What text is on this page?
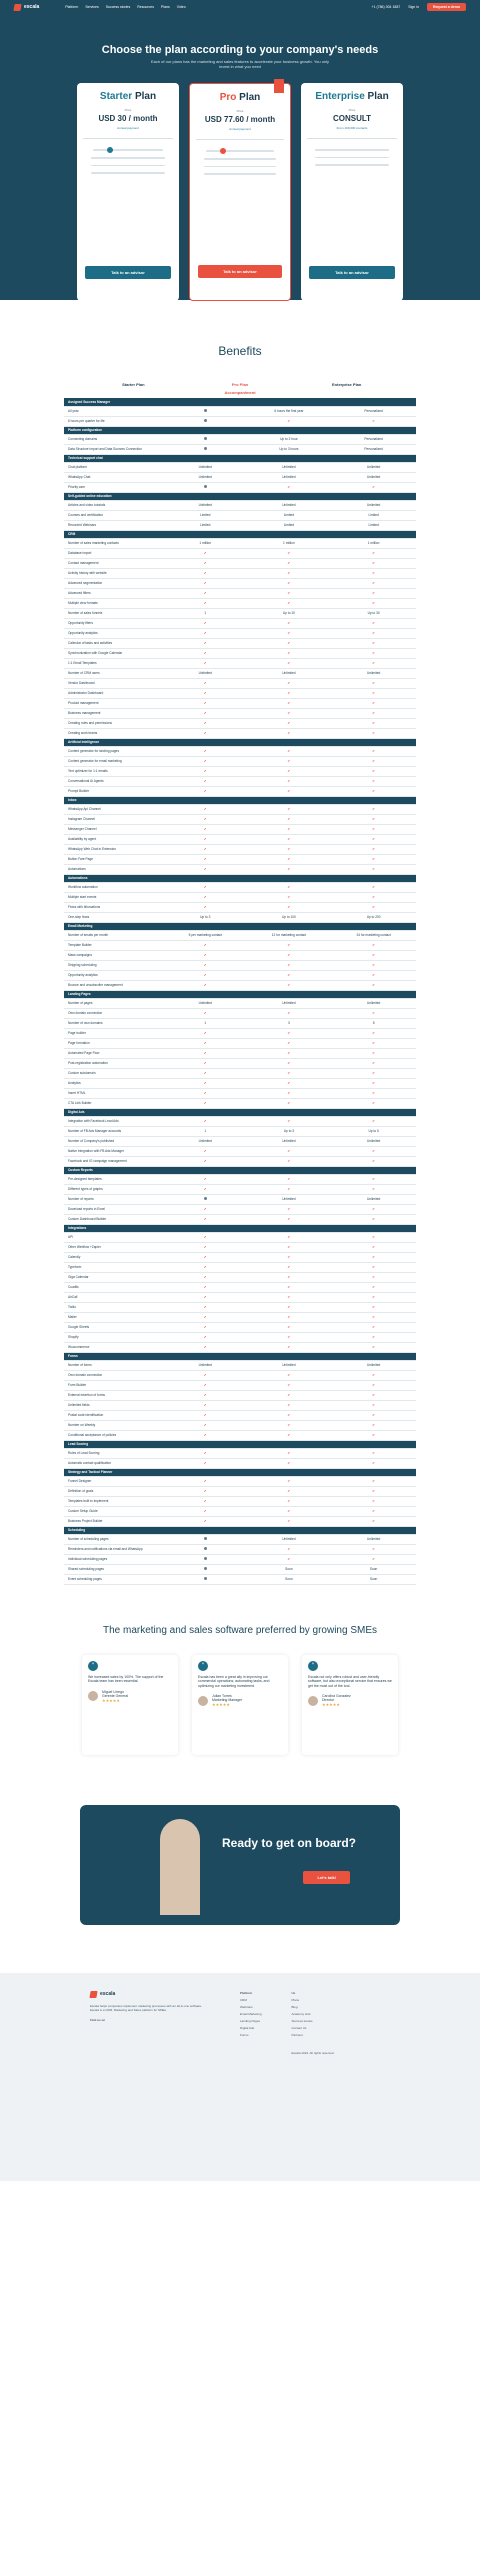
escala	Platform Services Success stories Resources Plans Video	+1 (786) 304 1887 Sign in	Request a demo
Choose the plan according to your company's needs
Each of our plans has the marketing and sales features to accelerate your business growth. You only invest in what you need
Starter Plan
Price
USD 30 / month
Annual payment
Talk to an advisor
Pro Plan
Price
USD 77.60 / month
Annual payment
Talk to an advisor
Enterprise Plan
Price
CONSULT
From 100,000 contacts
Talk to an advisor
Benefits
Starter Plan	Pro Plan	Enterprise Plan
Accompaniment
Assigned Success Manager			
All year		6 hours the first year	Personalized
6 hours per quarter for life		✔	✔
Platform configuration			
Connecting domains		Up to 2 hour	Personalized
Data Structure Import and Data Sources Connection		Up to 3 hours	Personalized
Technical support chat			
Chat platform	Unlimited	Unlimited	Unlimited
WhatsApp Chat	Unlimited	Unlimited	Unlimited
Priority care		✔	✔
Self-guided online education			
Articles and video tutorials	Unlimited	Unlimited	Unlimited
Courses and certification	Limited	Limited	Limited
Recorded Webinars	Limited	Limited	Limited
CRM			
Number of sales marketing contacts	1 million	1 million	1 million
Database import	✔	✔	✔
Contact management	✔	✔	✔
Activity history with website	✔	✔	✔
Advanced segmentation	✔	✔	✔
Advanced filters	✔	✔	✔
Multiple view formats	✔	✔	✔
Number of sales funnels	1	Up to 10	Up to 30
Opportunity filters	✔	✔	✔
Opportunity analytics	✔	✔	✔
Calendar of tasks and activities	✔	✔	✔
Synchronization with Google Calendar	✔	✔	✔
1:1 Email Templates	✔	✔	✔
Number of CRM users	Unlimited	Unlimited	Unlimited
Vendor Dashboard	✔	✔	✔
Administrator Dashboard	✔	✔	✔
Product management	✔	✔	✔
Business management	✔	✔	✔
Creating roles and permissions	✔	✔	✔
Creating work teams	✔	✔	✔
Artificial Intelligence			
Content generator for landing pages	✔	✔	✔
Content generator for email marketing	✔	✔	✔
Text optimizer for 1:1 emails	✔	✔	✔
Conversational AI Agents	✔	✔	✔
Prompt Builder	✔	✔	✔
Inbox			
WhatsApp Api Channel	✔	✔	✔
Instagram Channel	✔	✔	✔
Messenger Channel	✔	✔	✔
Availability by agent	✔	✔	✔
WhatsApp Web Chat in Extension	✔	✔	✔
Button Fare Page	✔	✔	✔
Automations	✔	✔	✔
Automations			
Workflow automation	✔	✔	✔
Multiple start events	✔	✔	✔
Flows with bifurcations	✔	✔	✔
One-step flows	Up to 3	Up to 100	Up to 200
Email Marketing			
Number of emails per month	5 per marketing contact	12 for marketing contact	24 for marketing contact
Template Builder	✔	✔	✔
Mass campaigns	✔	✔	✔
Shipping scheduling	✔	✔	✔
Opportunity analytics	✔	✔	✔
Bounce and unsubscribe management	✔	✔	✔
Landing Pages			
Number of pages	Unlimited	Unlimited	Unlimited
Own domain connection	✔	✔	✔
Number of own domains	1	3	5
Page builder	✔	✔	✔
Page formation	✔	✔	✔
Automated Page Flow	✔	✔	✔
Post-registration automation	✔	✔	✔
Custom subdomain	✔	✔	✔
Analytics	✔	✔	✔
Insert HTML	✔	✔	✔
CTA Link Builder	✔	✔	✔
Digital Ads			
Integration with Facebook Lead Ads	✔	✔	✔
Number of FB Ads Manager accounts	1	Up to 3	Up to 5
Number of Company's published	Unlimited	Unlimited	Unlimited
Native integration with FB Ads Manager	✔	✔	✔
Facebook and IG campaign management	✔	✔	✔
Custom Reports			
Pre-designed templates	✔	✔	✔
Different types of graphs	✔	✔	✔
Number of reports		Unlimited	Unlimited
Download reports in Excel	✔	✔	✔
Custom Dashboard Builder	✔	✔	✔
Integrations			
API	✔	✔	✔
Other Webflow +Zapier	✔	✔	✔
Calendly	✔	✔	✔
Typeform	✔	✔	✔
Giga Calendar	✔	✔	✔
Cuadlis	✔	✔	✔
AirCall	✔	✔	✔
Twilio	✔	✔	✔
Mailer	✔	✔	✔
Google Sheets	✔	✔	✔
Shopify	✔	✔	✔
Woocommerce	✔	✔	✔
Forms			
Number of forms	Unlimited	Unlimited	Unlimited
Own domain connection	✔	✔	✔
Form Builder	✔	✔	✔
External insertion of forms	✔	✔	✔
Unlimited fields	✔	✔	✔
Postal code identification	✔	✔	✔
Number on Weebly	✔	✔	✔
Conditional acceptance of policies	✔	✔	✔
Lead Scoring			
Rules of Lead Scoring	✔	✔	✔
Automatic contact qualification	✔	✔	✔
Strategy and Tactical Planner			
Funnel Designer	✔	✔	✔
Definition of goals	✔	✔	✔
Templates built to implement	✔	✔	✔
Custom Setup Guide	✔	✔	✔
Business Project Builder	✔	✔	✔
Scheduling			
Number of scheduling pages		Unlimited	Unlimited
Reminders and notifications via email and WhatsApp		✔	✔
Individual scheduling pages		✔	✔
Shared scheduling pages		Soon	Soon
Event scheduling pages		Soon	Soon
The marketing and sales software preferred by growing SMEs
“

We increased sales by 100%. The support of the Escala team has been essential.

Miguel Urrego
Gerente General
★★★★★
“

Escala has been a great ally in improving our commercial operations, automating tasks, and optimizing our marketing investment.

Julian Torres
Marketing Manager
★★★★★
“

Escala not only offers robust and user-friendly software, but also exceptional service that ensures we get the most out of the tool.

Carolina Gonzalez
Director
★★★★★
Ready to get on board?
Let's talk!
escala

Escala helps companies implement marketing processes with an all-in-one software. Escala is a CRM, Marketing and Sales platform for SMEs.

Find us on

Platform
CRM
Webinars
Email Marketing
Landing Pages
Digital Ads
Forms
Us
Plans
Blog
Academy Hub
Success stories
Contact Us
Partners
Escala 2024. All rights reserved
